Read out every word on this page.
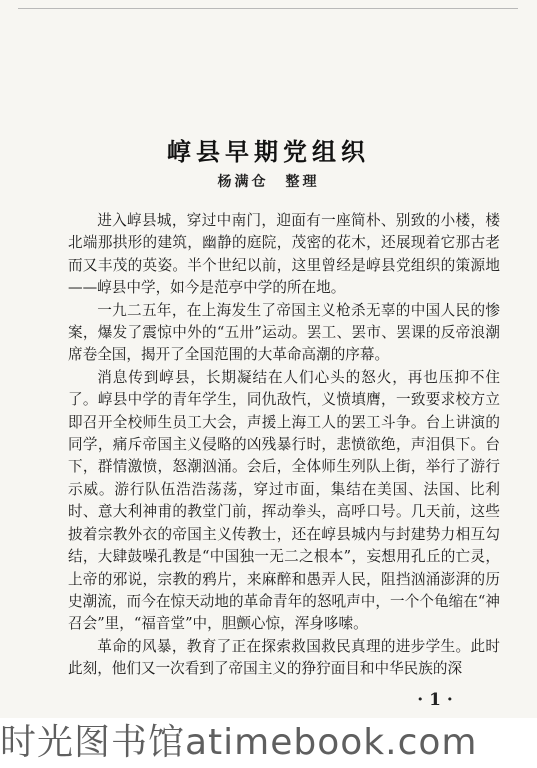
崞县早期党组织
杨满仓　整理

进入崞县城，穿过中南门，迎面有一座简朴、别致的小楼，楼北端那拱形的建筑，幽静的庭院，茂密的花木，还展现着它那古老而又丰茂的英姿。半个世纪以前，这里曾经是崞县党组织的策源地——崞县中学，如今是范亭中学的所在地。

一九二五年，在上海发生了帝国主义枪杀无辜的中国人民的惨案，爆发了震惊中外的“五卅”运动。罢工、罢市、罢课的反帝浪潮席卷全国，揭开了全国范围的大革命高潮的序幕。

消息传到崞县，长期凝结在人们心头的怒火，再也压抑不住了。崞县中学的青年学生，同仇敌忾，义愤填膺，一致要求校方立即召开全校师生员工大会，声援上海工人的罢工斗争。台上讲演的同学，痛斥帝国主义侵略的凶残暴行时，悲愤欲绝，声泪俱下。台下，群情激愤，怒潮汹涌。会后，全体师生列队上街，举行了游行示威。游行队伍浩浩荡荡，穿过市面，集结在美国、法国、比利时、意大利神甫的教堂门前，挥动拳头，高呼口号。几天前，这些披着宗教外衣的帝国主义传教士，还在崞县城内与封建势力相互勾结，大肆鼓噪孔教是“中国独一无二之根本”，妄想用孔丘的亡灵，上帝的邪说，宗教的鸦片，来麻醉和愚弄人民，阻挡汹涌澎湃的历史潮流，而今在惊天动地的革命青年的怒吼声中，一个个龟缩在“神召会”里，“福音堂”中，胆颤心惊，浑身哆嗦。

革命的风暴，教育了正在探索救国救民真理的进步学生。此时此刻，他们又一次看到了帝国主义的狰狞面目和中华民族的深

· 1 ·
时光图书馆atimebook.com
